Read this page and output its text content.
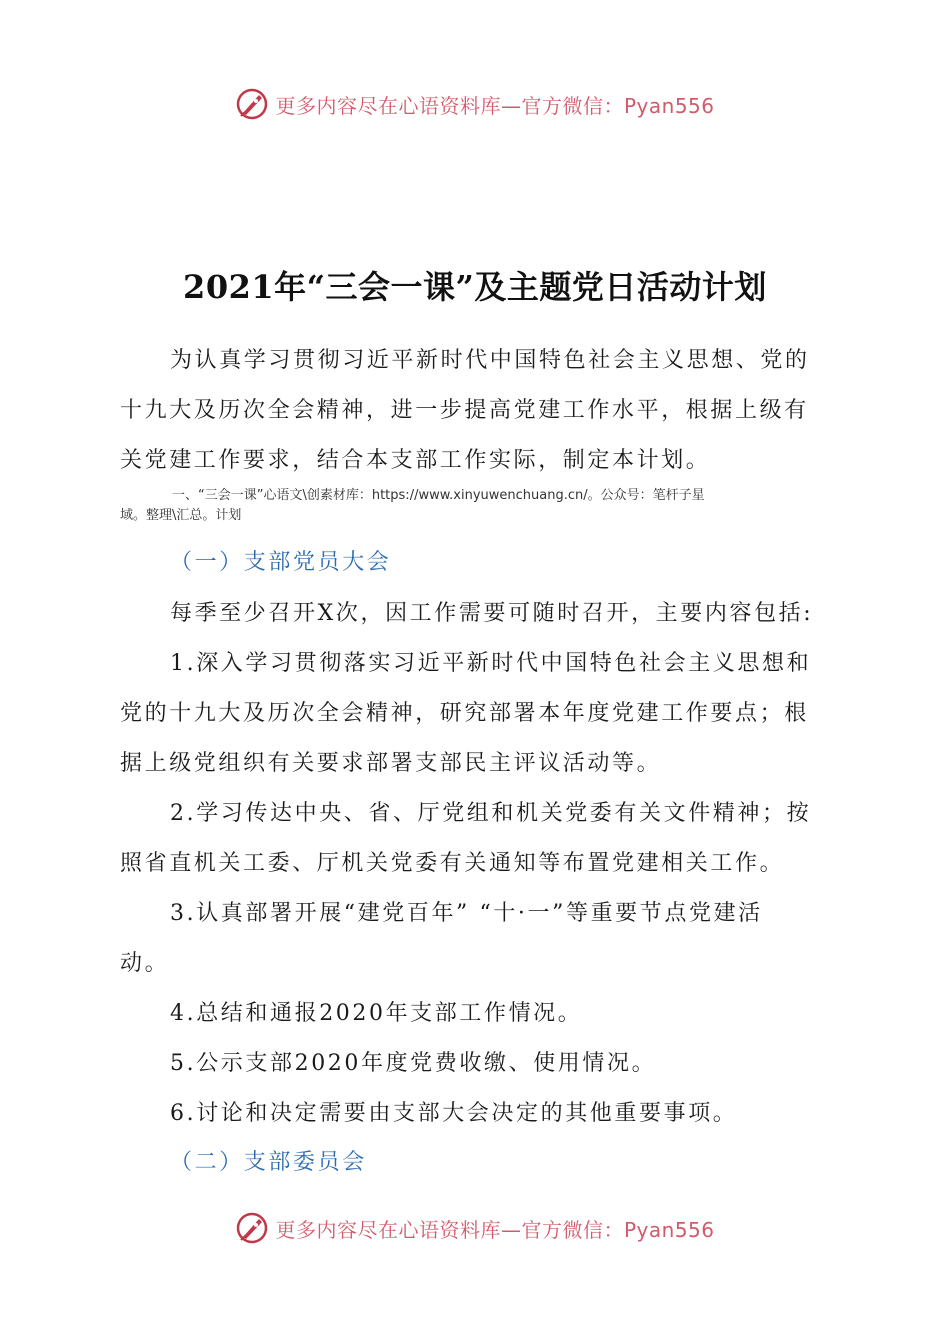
更多内容尽在心语资料库—官方微信：Pyan556
2021年“三会一课”及主题党日活动计划
为认真学习贯彻习近平新时代中国特色社会主义思想、党的
十九大及历次全会精神，进一步提高党建工作水平，根据上级有
关党建工作要求，结合本支部工作实际，制定本计划。
一、“三会一课”心语文\创素材库：https://www.xinyuwenchuang.cn/。公众号：笔杆子星
域。整理\汇总。计划
（一）支部党员大会
每季至少召开X次，因工作需要可随时召开，主要内容包括:
1.深入学习贯彻落实习近平新时代中国特色社会主义思想和
党的十九大及历次全会精神，研究部署本年度党建工作要点；根
据上级党组织有关要求部署支部民主评议活动等。
2.学习传达中央、省、厅党组和机关党委有关文件精神；按
照省直机关工委、厅机关党委有关通知等布置党建相关工作。
3.认真部署开展“建党百年” “十·一”等重要节点党建活
动。
4.总结和通报2020年支部工作情况。
5.公示支部2020年度党费收缴、使用情况。
6.讨论和决定需要由支部大会决定的其他重要事项。
（二）支部委员会
更多内容尽在心语资料库—官方微信：Pyan556
